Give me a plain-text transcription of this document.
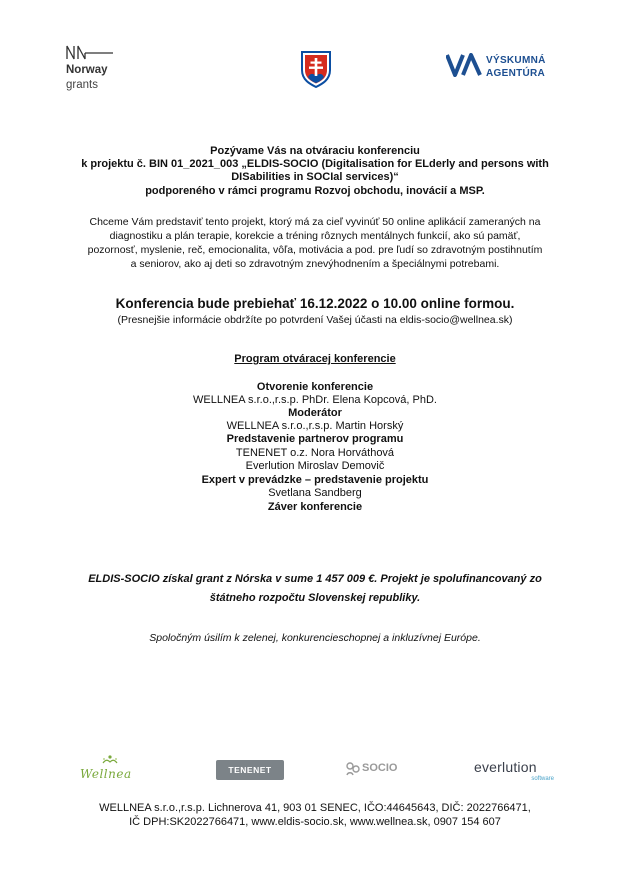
Norway
grants
VÝSKUMNÁ
AGENTÚRA
Pozývame Vás na otváraciu konferenciu
k projektu č. BIN 01_2021_003 „ELDIS-SOCIO (Digitalisation for ELderly and persons with
DISabilities in SOCIal services)“
podporeného v rámci programu Rozvoj obchodu, inovácií a MSP.
Chceme Vám predstaviť tento projekt, ktorý má za cieľ vyvinúť 50 online aplikácií zameraných na
diagnostiku a plán terapie, korekcie a tréning rôznych mentálnych funkcií, ako sú pamäť,
pozornosť, myslenie, reč, emocionalita, vôľa, motivácia a pod. pre ľudí so zdravotným postihnutím
a seniorov, ako aj deti so zdravotným znevýhodnením a špeciálnymi potrebami.
Konferencia bude prebiehať 16.12.2022 o 10.00 online formou.
(Presnejšie informácie obdržíte po potvrdení Vašej účasti na eldis-socio@wellnea.sk)
Program otváracej konferencie
Otvorenie konferencie
WELLNEA s.r.o.,r.s.p. PhDr. Elena Kopcová, PhD.
Moderátor
WELLNEA s.r.o.,r.s.p. Martin Horský
Predstavenie partnerov programu
TENENET o.z. Nora Horváthová
Everlution Miroslav Demovič
Expert v prevádzke – predstavenie projektu
Svetlana Sandberg
Záver konferencie
ELDIS-SOCIO získal grant z Nórska v sume 1 457 009 €. Projekt je spolufinancovaný zo
štátneho rozpočtu Slovenskej republiky.
Spoločným úsilím k zelenej, konkurencieschopnej a inkluzívnej Európe.
Wellnea	TENENET	SOCIO	everlution
software
WELLNEA s.r.o.,r.s.p. Lichnerova 41, 903 01 SENEC, IČO:44645643, DIČ: 2022766471,
IČ DPH:SK2022766471, www.eldis-socio.sk, www.wellnea.sk, 0907 154 607
